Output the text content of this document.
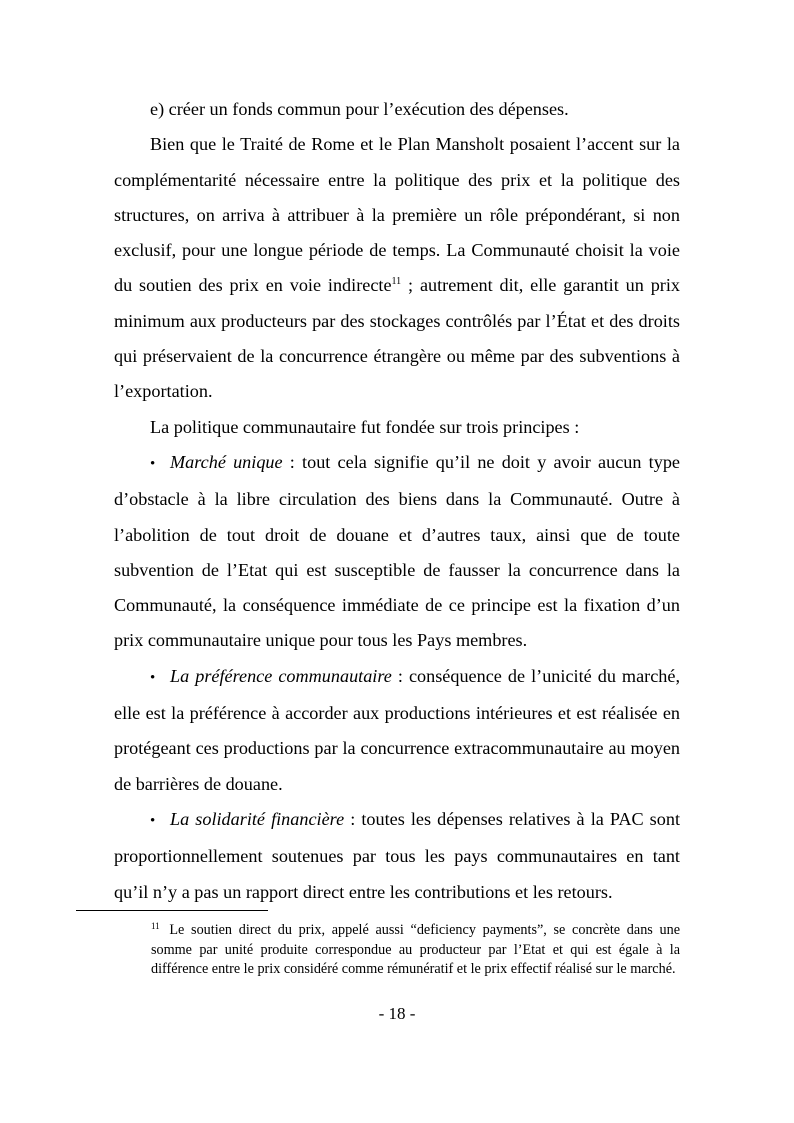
e) créer un fonds commun pour l’exécution des dépenses.

Bien que le Traité de Rome et le Plan Mansholt posaient l’accent sur la complémentarité nécessaire entre la politique des prix et la politique des structures, on arriva à attribuer à la première un rôle prépondérant, si non exclusif, pour une longue période de temps. La Communauté choisit la voie du soutien des prix en voie indirecte$^{11}$ ; autrement dit, elle garantit un prix minimum aux producteurs par des stockages contrôlés par l’État et des droits qui préservaient de la concurrence étrangère ou même par des subventions à l’exportation.

La politique communautaire fut fondée sur trois principes :

• Marché unique : tout cela signifie qu’il ne doit y avoir aucun type d’obstacle à la libre circulation des biens dans la Communauté. Outre à l’abolition de tout droit de douane et d’autres taux, ainsi que de toute subvention de l’Etat qui est susceptible de fausser la concurrence dans la Communauté, la conséquence immédiate de ce principe est la fixation d’un prix communautaire unique pour tous les Pays membres.

• La préférence communautaire : conséquence de l’unicité du marché, elle est la préférence à accorder aux productions intérieures et est réalisée en protégeant ces productions par la concurrence extracommunautaire au moyen de barrières de douane.

• La solidarité financière : toutes les dépenses relatives à la PAC sont proportionnellement soutenues par tous les pays communautaires en tant qu’il n’y a pas un rapport direct entre les contributions et les retours.

$^{11}$ Le soutien direct du prix, appelé aussi “deficiency payments”, se concrète dans une somme par unité produite correspondue au producteur par l’Etat et qui est égale à la différence entre le prix considéré comme rémunératif et le prix effectif réalisé sur le marché.

- 18 -
